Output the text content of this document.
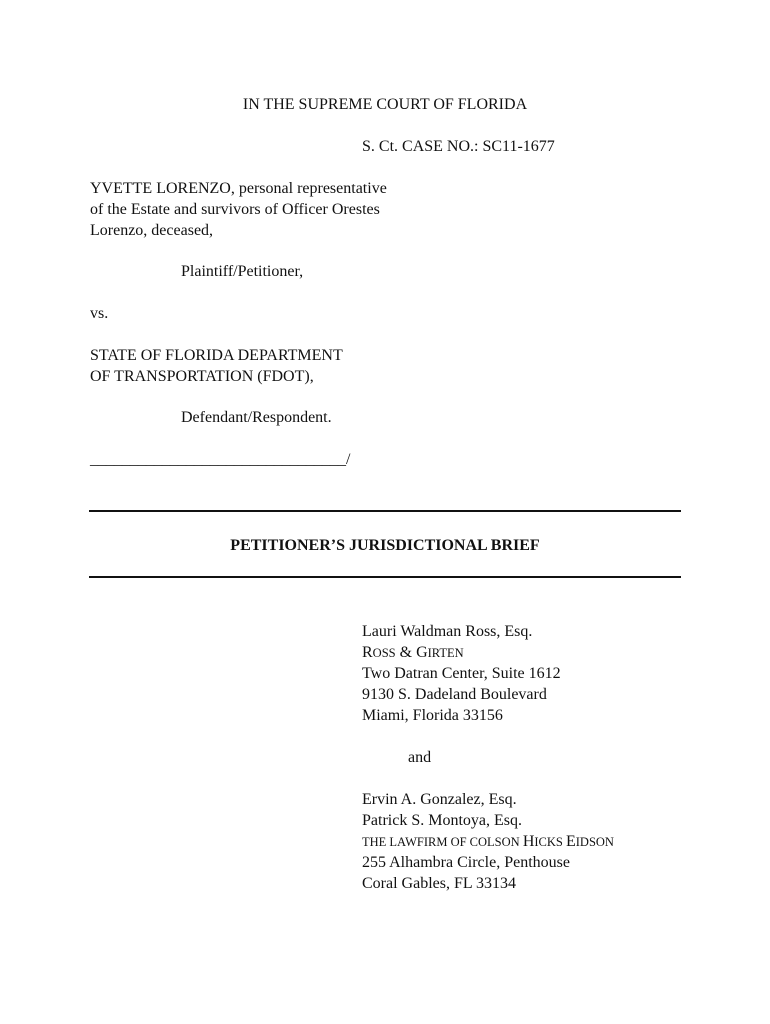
IN THE SUPREME COURT OF FLORIDA
S. Ct. CASE NO.: SC11-1677
YVETTE LORENZO, personal representative
of the Estate and survivors of Officer Orestes
Lorenzo, deceased,
Plaintiff/Petitioner,
vs.
STATE OF FLORIDA DEPARTMENT
OF TRANSPORTATION (FDOT),
Defendant/Respondent.
________________________________/
PETITIONER’S JURISDICTIONAL BRIEF
Lauri Waldman Ross, Esq.
ROSS & GIRTEN
Two Datran Center, Suite 1612
9130 S. Dadeland Boulevard
Miami, Florida 33156
and
Ervin A. Gonzalez, Esq.
Patrick S. Montoya, Esq.
THE LAWFIRM OF COLSON HICKS EIDSON
255 Alhambra Circle, Penthouse
Coral Gables, FL 33134
